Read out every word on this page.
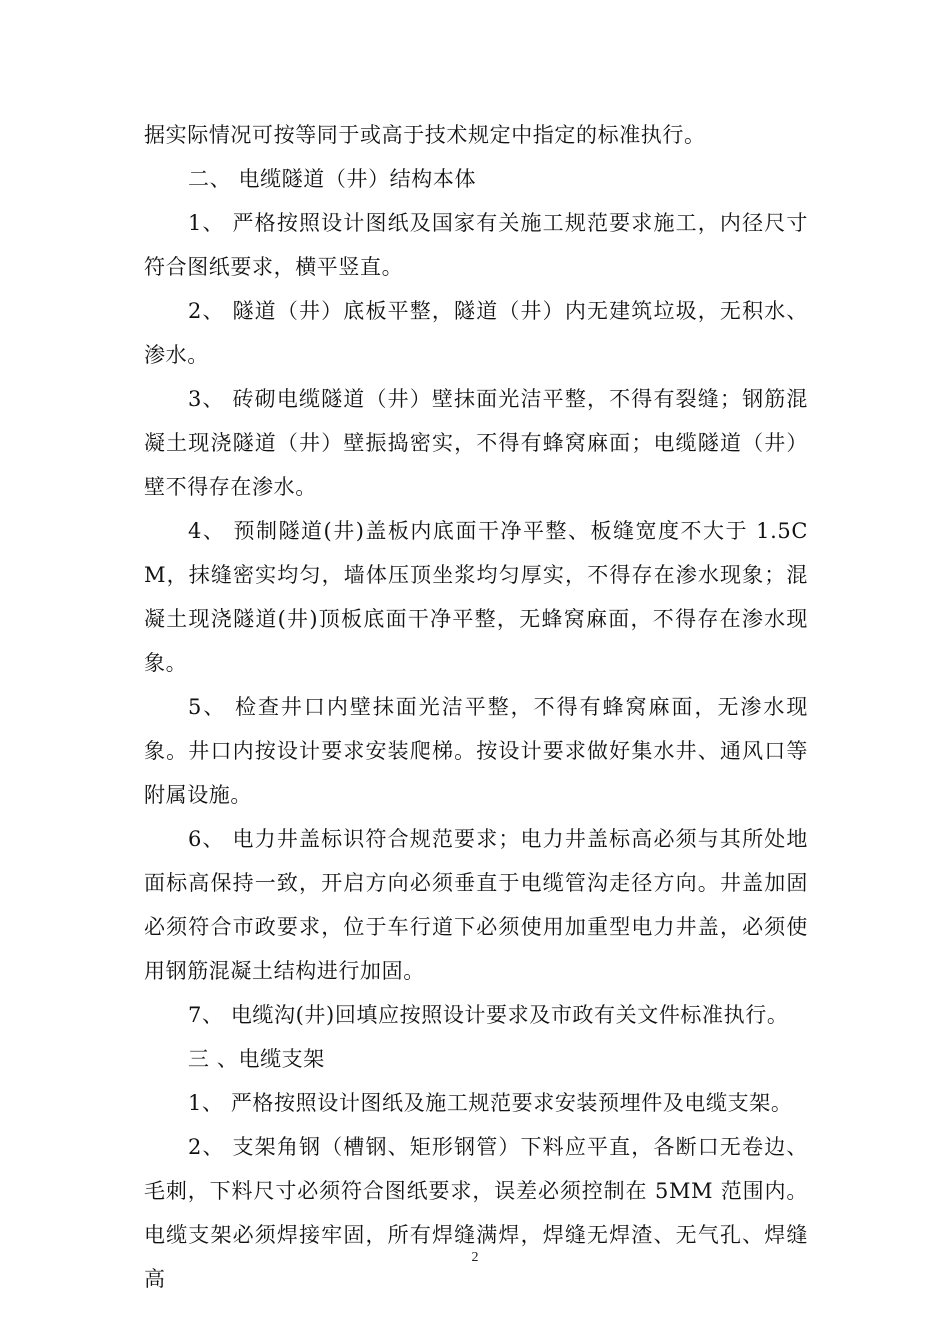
据实际情况可按等同于或高于技术规定中指定的标准执行。

二、 电缆隧道（井）结构本体

1、 严格按照设计图纸及国家有关施工规范要求施工，内径尺寸符合图纸要求，横平竖直。

2、 隧道（井）底板平整，隧道（井）内无建筑垃圾，无积水、渗水。

3、 砖砌电缆隧道（井）壁抹面光洁平整，不得有裂缝；钢筋混凝土现浇隧道（井）壁振捣密实，不得有蜂窝麻面；电缆隧道（井）壁不得存在渗水。

4、 预制隧道(井)盖板内底面干净平整、板缝宽度不大于 1.5CM，抹缝密实均匀，墙体压顶坐浆均匀厚实，不得存在渗水现象；混凝土现浇隧道(井)顶板底面干净平整，无蜂窝麻面，不得存在渗水现象。

5、 检查井口内壁抹面光洁平整，不得有蜂窝麻面，无渗水现象。井口内按设计要求安装爬梯。按设计要求做好集水井、通风口等附属设施。

6、 电力井盖标识符合规范要求；电力井盖标高必须与其所处地面标高保持一致，开启方向必须垂直于电缆管沟走径方向。井盖加固必须符合市政要求，位于车行道下必须使用加重型电力井盖，必须使用钢筋混凝土结构进行加固。

7、 电缆沟(井)回填应按照设计要求及市政有关文件标准执行。

三 、电缆支架

1、 严格按照设计图纸及施工规范要求安装预埋件及电缆支架。

2、 支架角钢（槽钢、矩形钢管）下料应平直，各断口无卷边、毛刺，下料尺寸必须符合图纸要求，误差必须控制在 5MM 范围内。电缆支架必须焊接牢固，所有焊缝满焊，焊缝无焊渣、无气孔、焊缝高

2
